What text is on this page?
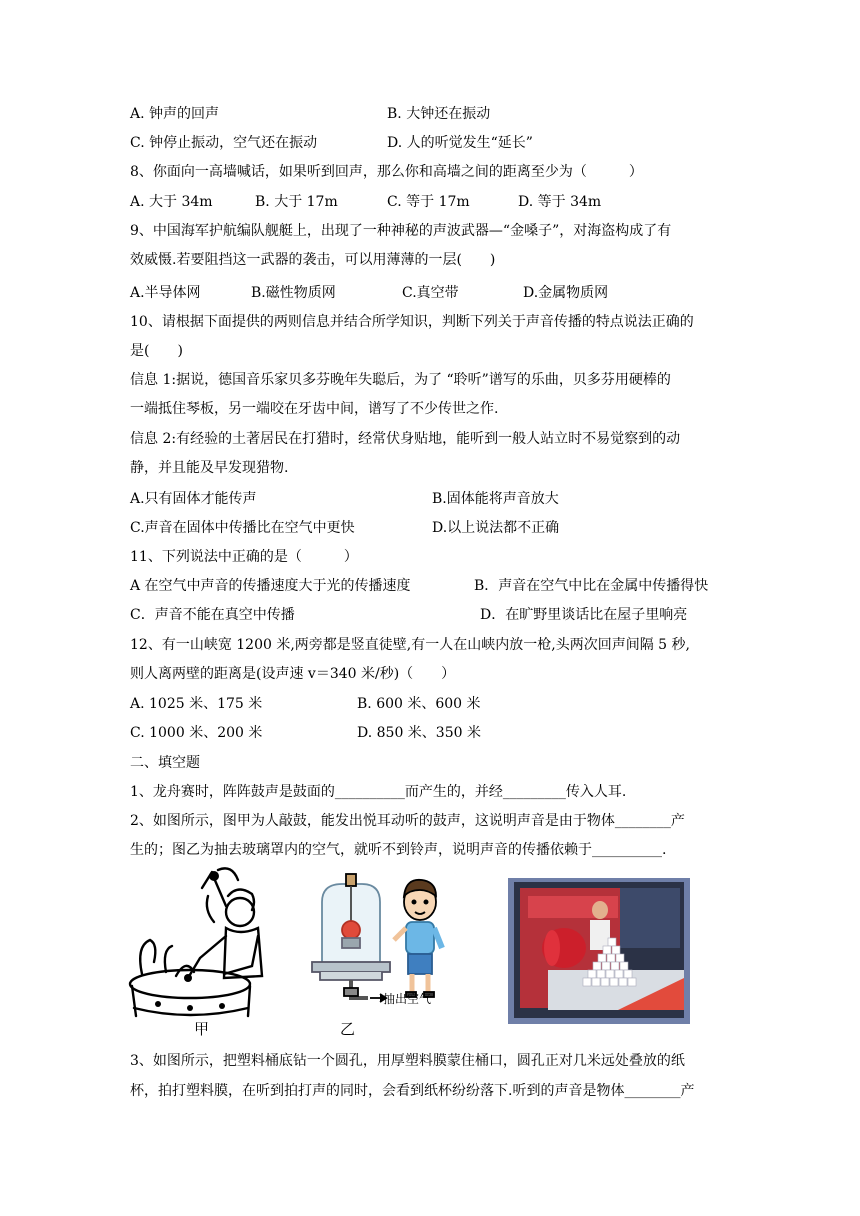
A. 钟声的回声	B. 大钟还在振动
C. 钟停止振动，空气还在振动	D. 人的听觉发生“延长”
8、你面向一高墙喊话，如果听到回声，那么你和高墙之间的距离至少为（　　　）
A. 大于 34m	B. 大于 17m	C. 等于 17m	D. 等于 34m
9、中国海军护航编队舰艇上，出现了一种神秘的声波武器—“金嗓子”，对海盗构成了有
效威慑.若要阻挡这一武器的袭击，可以用薄薄的一层(　　)
A.半导体网	B.磁性物质网	C.真空带	D.金属物质网
10、请根据下面提供的两则信息并结合所学知识，判断下列关于声音传播的特点说法正确的
是(　　)
信息 1:据说，德国音乐家贝多芬晚年失聪后，为了 “聆听”谱写的乐曲，贝多芬用硬棒的
一端抵住琴板，另一端咬在牙齿中间，谱写了不少传世之作.
信息 2:有经验的土著居民在打猎时，经常伏身贴地，能听到一般人站立时不易觉察到的动
静，并且能及早发现猎物.
A.只有固体才能传声	B.固体能将声音放大
C.声音在固体中传播比在空气中更快	D.以上说法都不正确
11、下列说法中正确的是（　　　）
A 在空气中声音的传播速度大于光的传播速度	B．声音在空气中比在金属中传播得快
C．声音不能在真空中传播	D．在旷野里谈话比在屋子里响亮
12、有一山峡宽 1200 米,两旁都是竖直徒壁,有一人在山峡内放一枪,头两次回声间隔 5 秒,
则人离两壁的距离是(设声速 v＝340 米/秒)（　　）
A. 1025 米、175 米	B. 600 米、600 米
C. 1000 米、200 米	D. 850 米、350 米
二、填空题
1、龙舟赛时，阵阵鼓声是鼓面的__________而产生的，并经_________传入人耳.
2、如图所示，图甲为人敲鼓，能发出悦耳动听的鼓声，这说明声音是由于物体________产
生的；图乙为抽去玻璃罩内的空气，就听不到铃声，说明声音的传播依赖于__________.
甲
抽出空气
乙
3、如图所示，把塑料桶底钻一个圆孔，用厚塑料膜蒙住桶口，圆孔正对几米远处叠放的纸
杯，拍打塑料膜，在听到拍打声的同时，会看到纸杯纷纷落下.听到的声音是物体________产
